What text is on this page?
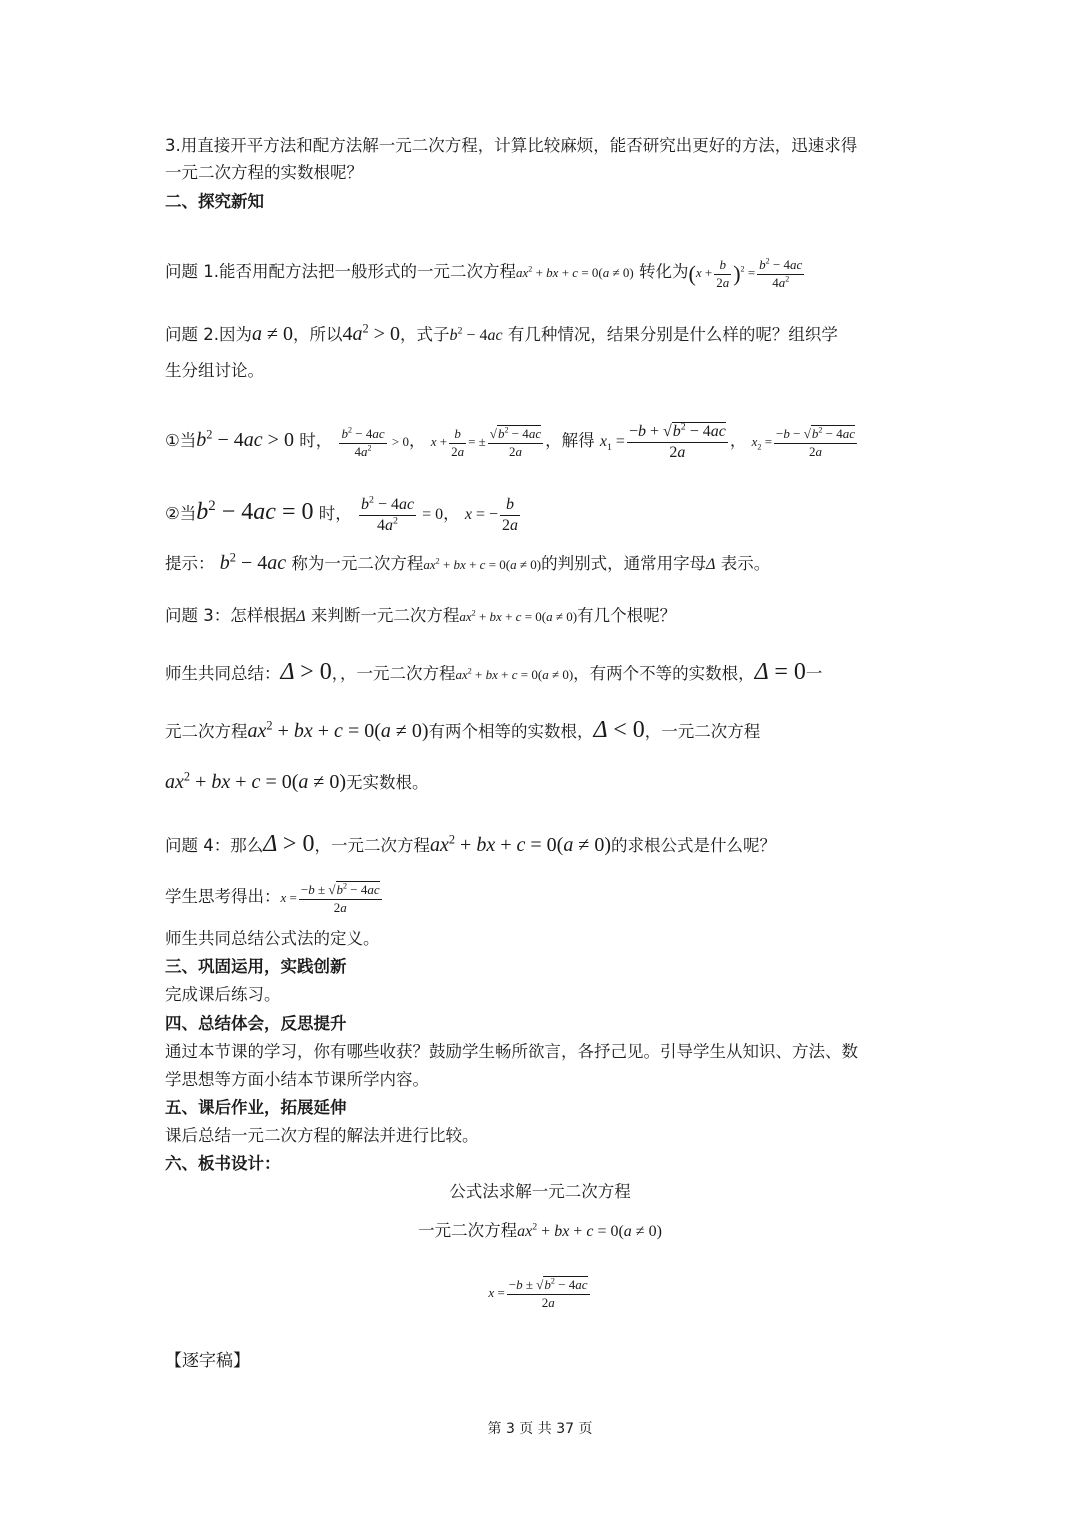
3.用直接开平方法和配方法解一元二次方程，计算比较麻烦，能否研究出更好的方法，迅速求得
一元二次方程的实数根呢？
二、探究新知
问题 1.能否用配方法把一般形式的一元二次方程$ax^2$ + bx + c = 0(a ≠ 0) 转化为$(x + \frac{b}{2a} )^2 = \frac{b^2 - 4ac}{4a^2}$
问题 2.因为a ≠ 0，所以$4a^2 > 0$，式子$b^2 - 4ac$ 有几种情况，结果分别是什么样的呢？组织学
生分组讨论。
①当$b^2 - 4ac > 0$ 时， $\frac{b^2 - 4ac}{4a^2} > 0$， $x + \frac{b}{2a}$ = ± $\frac{√b^2 - 4ac}{2a}$ ，解得 $x_1 = \frac{-b + √b^2 - 4ac}{2a}$ ， $x_2 = \frac{-b - √b^2 - 4ac}{2a}$
②当$b^2 - 4ac = 0$ 时， $\frac{b^2 - 4ac}{4a^2} = 0$， x = − $\frac{b}{2a}$
提示： $b^2 - 4ac$ 称为一元二次方程$ax^2$ + bx + c = 0(a ≠ 0)的判别式，通常用字母Δ 表示。
问题 3：怎样根据Δ 来判断一元二次方程$ax^2$ + bx + c = 0(a ≠ 0)有几个根呢？
师生共同总结：Δ > 0，，一元二次方程$ax^2$ + bx + c = 0(a ≠ 0)，有两个不等的实数根，Δ = 0一
元二次方程$ax^2$ + bx + c = 0(a ≠ 0)有两个相等的实数根，Δ < 0，一元二次方程
$ax^2$ + bx + c = 0(a ≠ 0)无实数根。
问题 4：那么Δ > 0，一元二次方程$ax^2$ + bx + c = 0(a ≠ 0)的求根公式是什么呢？
学生思考得出：$x = \frac{-b \pm √b^2 - 4ac}{2a}$
师生共同总结公式法的定义。
三、巩固运用，实践创新
完成课后练习。
四、总结体会，反思提升
通过本节课的学习，你有哪些收获？鼓励学生畅所欲言，各抒己见。引导学生从知识、方法、数
学思想等方面小结本节课所学内容。
五、课后作业，拓展延伸
课后总结一元二次方程的解法并进行比较。
六、板书设计：
公式法求解一元二次方程
一元二次方程$ax^2$ + bx + c = 0(a ≠ 0)
$x = \frac{-b \pm √b^2 - 4ac}{2a}$
【逐字稿】
第 3 页 共 37 页
